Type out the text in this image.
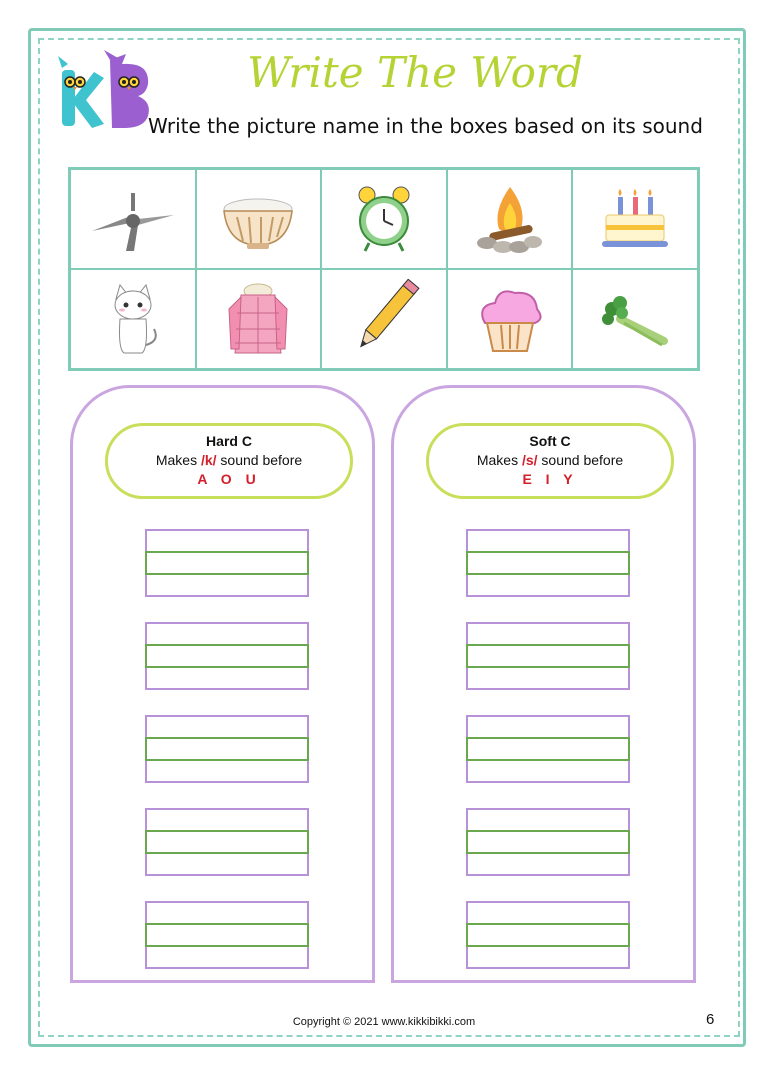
Write The Word
Write the picture name in the boxes based on its sound
Hard C
Makes /k/ sound before
A O U
Soft C
Makes /s/ sound before
E I Y
Copyright © 2021 www.kikkibikki.com	6
